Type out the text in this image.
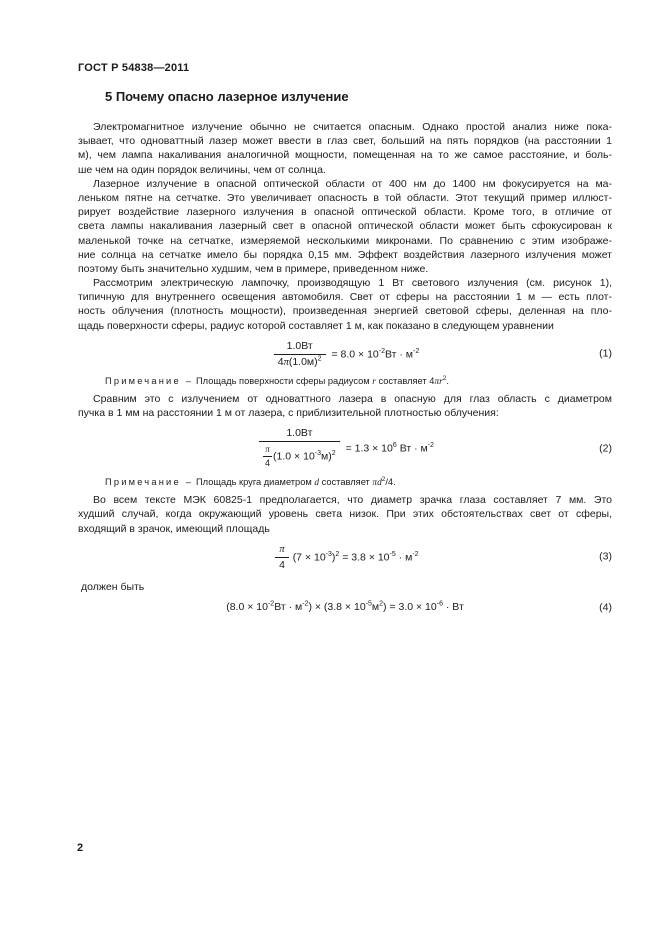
ГОСТ Р 54838—2011
5 Почему опасно лазерное излучение
Электромагнитное излучение обычно не считается опасным. Однако простой анализ ниже пока-
зывает, что одноваттный лазер может ввести в глаз свет, больший на пять порядков (на расстоянии 1
м), чем лампа накаливания аналогичной мощности, помещенная на то же самое расстояние, и боль-
ше чем на один порядок величины, чем от солнца.
Лазерное излучение в опасной оптической области от 400 нм до 1400 нм фокусируется на ма-
леньком пятне на сетчатке. Это увеличивает опасность в той области. Этот текущий пример иллюст-
рирует воздействие лазерного излучения в опасной оптической области. Кроме того, в отличие от
света лампы накаливания лазерный свет в опасной оптической области может быть сфокусирован к
маленькой точке на сетчатке, измеряемой несколькими микронами. По сравнению с этим изображе-
ние солнца на сетчатке имело бы порядка 0,15 мм. Эффект воздействия лазерного излучения может
поэтому быть значительно худшим, чем в примере, приведенном ниже.
Рассмотрим электрическую лампочку, производящую 1 Вт светового излучения (см. рисунок 1),
типичную для внутреннего освещения автомобиля. Свет от сферы на расстоянии 1 м — есть плот-
ность облучения (плотность мощности), произведенная энергией световой сферы, деленная на пло-
щадь поверхности сферы, радиус которой составляет 1 м, как показано в следующем уравнении
$\frac{1.0Вт}{4\pi(1.0м)^2} = 8.0 \times 10^{-2}Вт \cdot м^{-2}$	(1)
Примечание – Площадь поверхности сферы радиусом r составляет $4\pi r^2$.
Сравним это с излучением от одноваттного лазера в опасную для глаз область с диаметром
пучка в 1 мм на расстоянии 1 м от лазера, с приблизительной плотностью облучения:
$\frac{1.0Вт}{\frac{\pi}{4} (1.0 \times 10^{-3}м)^2} = 1.3 \times 10^6$ Вт · $м^{-2}$	(2)
Примечание – Площадь круга диаметром d составляет $\pi d^2/4$.
Во всем тексте МЭК 60825-1 предполагается, что диаметр зрачка глаза составляет 7 мм. Это
худший случай, когда окружающий уровень света низок. При этих обстоятельствах свет от сферы,
входящий в зрачок, имеющий площадь
$\frac{\pi}{4} (7 \times 10^{-3})^2 = 3.8 \times 10^{-5} \cdot м^{-2}$	(3)
должен быть
$(8.0 \times 10^{-2}Вт \cdot м^{-2}) \times (3.8 \times 10^{-5}м^2) = 3.0 \times 10^{-6}$ · Вт	(4)
2
